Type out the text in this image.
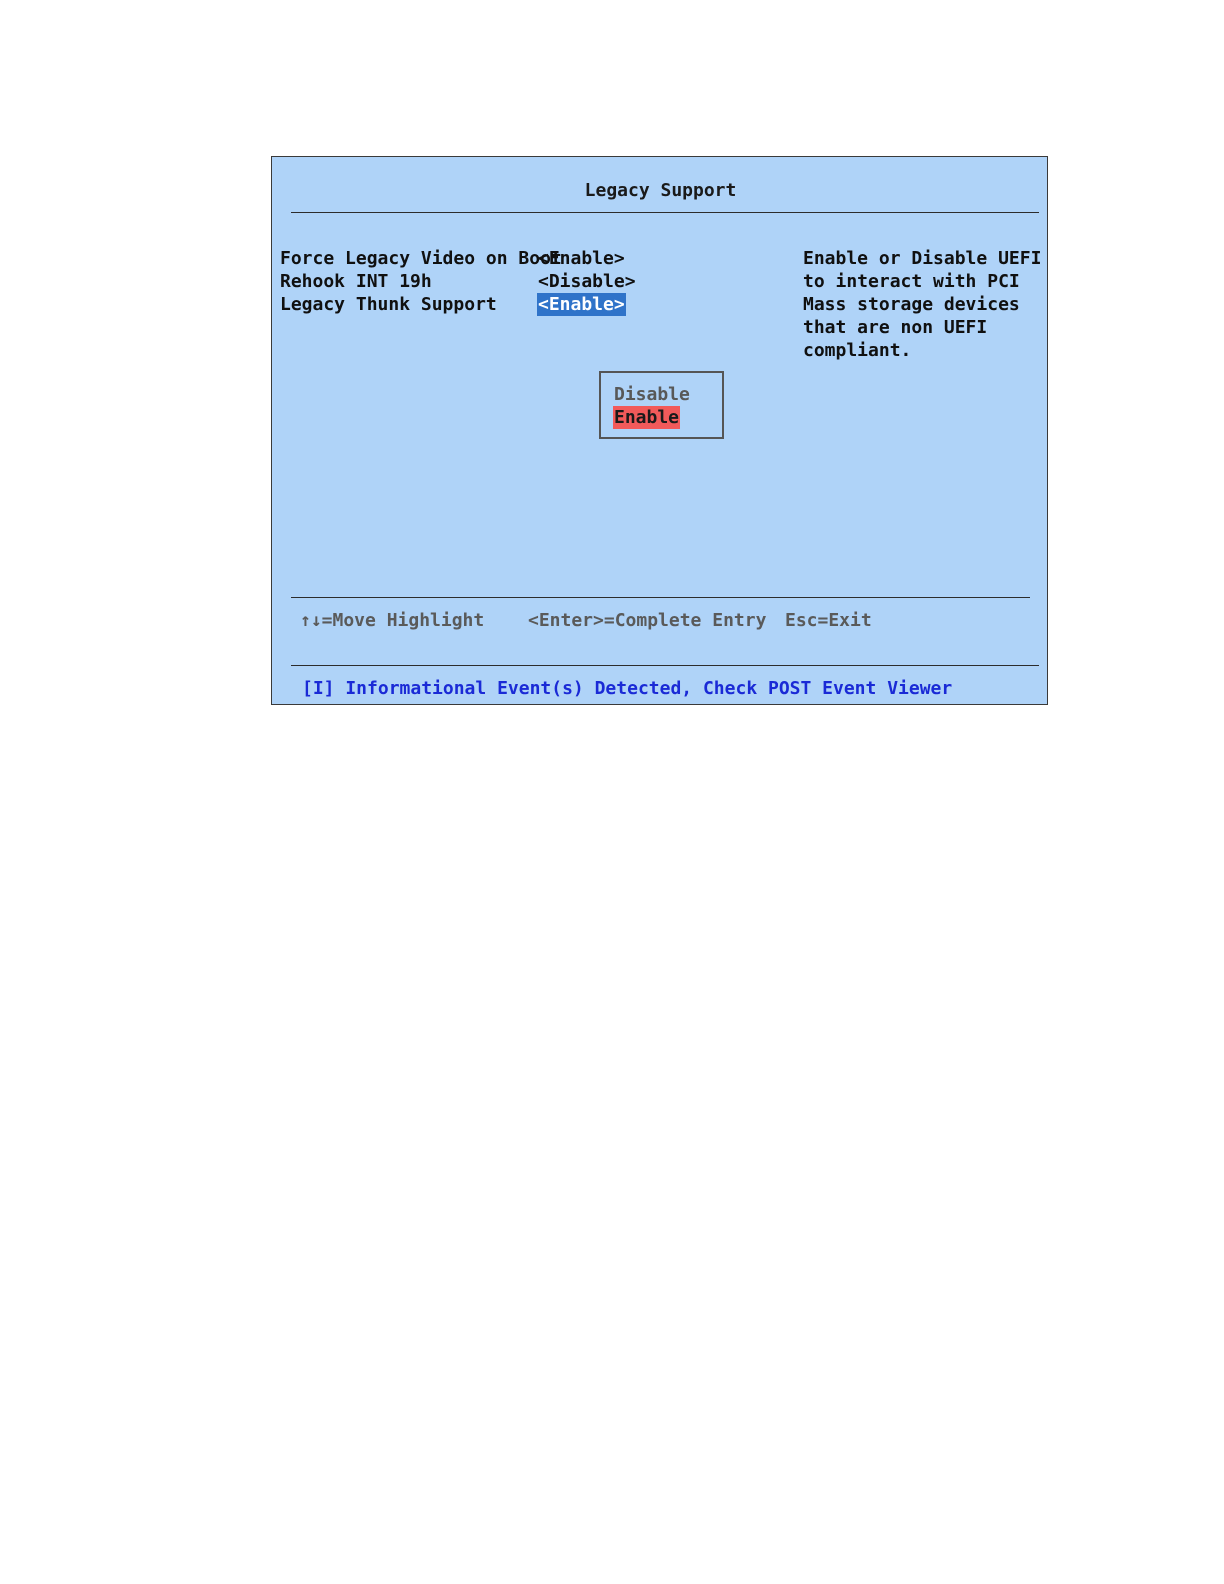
Legacy Support

Force Legacy Video on Boot

<Enable>

Rehook INT 19h

	<Disable>

Legacy Thunk Support

<Enable>

Enable or Disable UEFI
to interact with PCI
Mass storage devices
that are non UEFI
compliant.
Disable
Enable
↑↓=Move Highlight <Enter>=Complete Entry Esc=Exit
[I] Informational Event(s) Detected, Check POST Event Viewer
